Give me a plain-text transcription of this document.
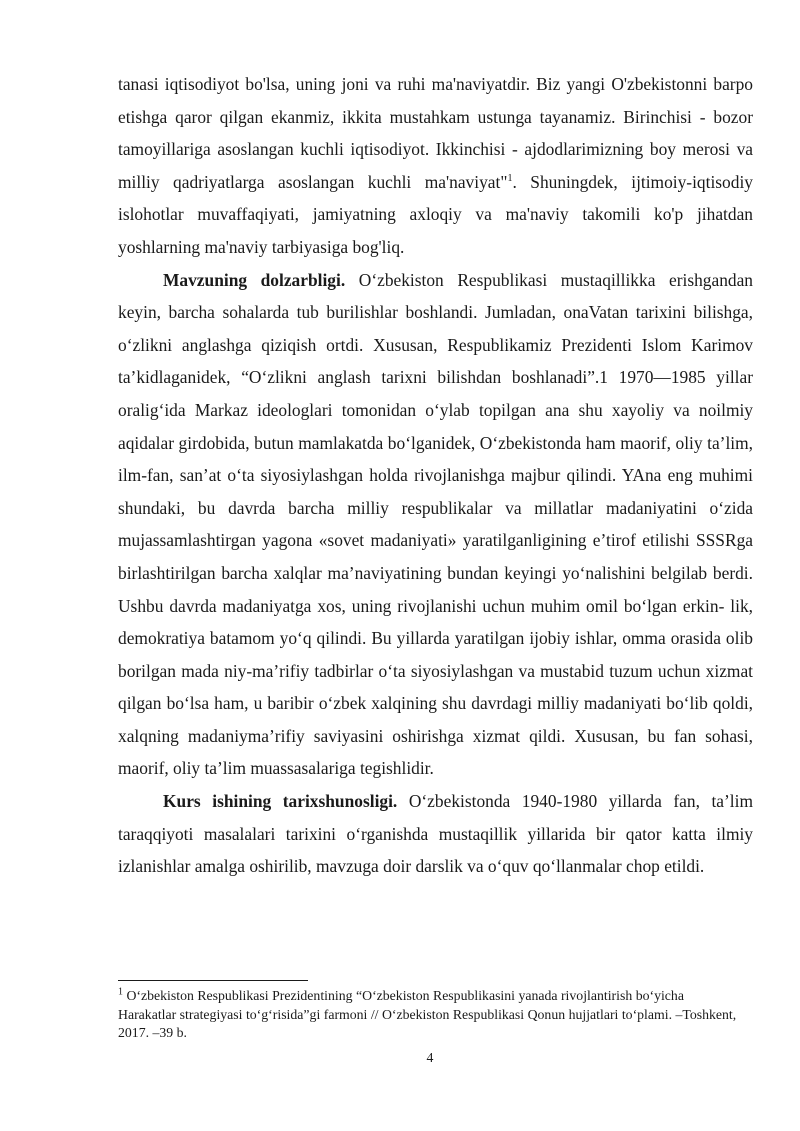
tanasi iqtisodiyot bo'lsa, uning joni va ruhi ma'naviyatdir. Biz yangi O'zbekistonni barpo etishga qaror qilgan ekanmiz, ikkita mustahkam ustunga tayanamiz. Birinchisi - bozor tamoyillariga asoslangan kuchli iqtisodiyot. Ikkinchisi - ajdodlarimizning boy merosi va milliy qadriyatlarga asoslangan kuchli ma'naviyat"$^1$. Shuningdek, ijtimoiy-iqtisodiy islohotlar muvaffaqiyati, jamiyatning axloqiy va ma'naviy takomili ko'p jihatdan yoshlarning ma'naviy tarbiyasiga bog'liq.

Mavzuning dolzarbligi. O‘zbekiston Respublikasi mustaqillikka erishgandan keyin, barcha sohalarda tub burilishlar boshlandi. Jumladan, onaVatan tarixini bilishga, o‘zlikni anglashga qiziqish ortdi. Xususan, Respublikamiz Prezidenti Islom Karimov ta’kidlaganidek, “O‘zlikni anglash tarixni bilishdan boshlanadi”.1 1970—1985 yillar oralig‘ida Markaz ideologlari tomonidan o‘ylab topilgan ana shu xayoliy va noilmiy aqidalar girdobida, butun mamlakatda bo‘lganidek, O‘zbekistonda ham maorif, oliy ta’lim, ilm-fan, san’at o‘ta siyosiylashgan holda rivojlanishga majbur qilindi. YAna eng muhimi shundaki, bu davrda barcha milliy respublikalar va millatlar madaniyatini o‘zida mujassamlashtirgan yagona «sovet madaniyati» yaratilganligining e’tirof etilishi SSSRga birlashtirilgan barcha xalqlar ma’naviyatining bundan keyingi yo‘nalishini belgilab berdi. Ushbu davrda madaniyatga xos, uning rivojlanishi uchun muhim omil bo‘lgan erkin- lik, demokratiya batamom yo‘q qilindi. Bu yillarda yaratilgan ijobiy ishlar, omma orasida olib borilgan mada niy-ma’rifiy tadbirlar o‘ta siyosiylashgan va mustabid tuzum uchun xizmat qilgan bo‘lsa ham, u baribir o‘zbek xalqining shu davrdagi milliy madaniyati bo‘lib qoldi, xalqning madaniyma’rifiy saviyasini oshirishga xizmat qildi. Xususan, bu fan sohasi, maorif, oliy ta’lim muassasalariga tegishlidir.

Kurs ishining tarixshunosligi. O‘zbekistonda 1940-1980 yillarda fan, ta’lim taraqqiyoti masalalari tarixini o‘rganishda mustaqillik yillarida bir qator katta ilmiy izlanishlar amalga oshirilib, mavzuga doir darslik va o‘quv qo‘llanmalar chop etildi.

$^1$ O‘zbekiston Respublikasi Prezidentining “O‘zbekiston Respublikasini yanada rivojlantirish bo‘yicha Harakatlar strategiyasi to‘g‘risida”gi farmoni // O‘zbekiston Respublikasi Qonun hujjatlari to‘plami. –Toshkent, 2017. –39 b.

4
